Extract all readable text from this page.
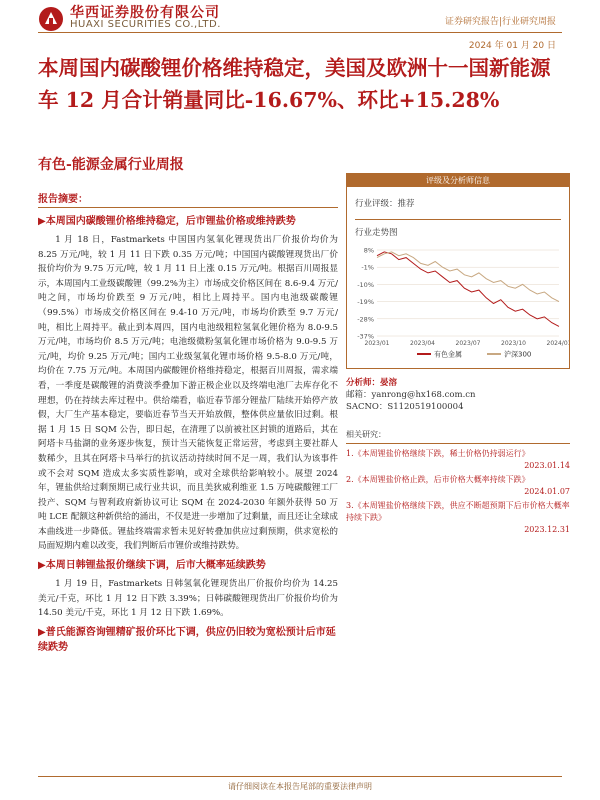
华西证券股份有限公司
HUAXI SECURITIES CO.,LTD.	证券研究报告|行业研究周报
2024 年 01 月 20 日
本周国内碳酸锂价格维持稳定，美国及欧洲十一国新能源车 12 月合计销量同比-16.67%、环比+15.28%
有色-能源金属行业周报
报告摘要：
▶本周国内碳酸锂价格维持稳定，后市锂盐价格或维持跌势

1 月 18 日，Fastmarkets 中国国内氢氧化锂现货出厂价报价均价为 8.25 万元/吨，较 1 月 11 日下跌 0.35 万元/吨；中国国内碳酸锂现货出厂价报价均价为 9.75 万元/吨，较 1 月 11 日上涨 0.15 万元/吨。根据百川周报显示，本周国内工业级碳酸锂（99.2%为主）市场成交价格区间在 8.6-9.4 万元/吨之间，市场均价跌至 9 万元/吨，相比上周持平。国内电池级碳酸锂（99.5%）市场成交价格区间在 9.4-10 万元/吨，市场均价跌至 9.7 万元/吨，相比上周持平。截止到本周四，国内电池级粗粒氢氧化锂价格为 8.0-9.5 万元/吨，市场均价 8.5 万元/吨；电池级微粉氢氧化锂市场价格为 9.0-9.5 万元/吨，均价 9.25 万元/吨；国内工业级氢氧化锂市场价格 9.5-8.0 万元/吨，均价在 7.75 万元/吨。本周国内碳酸锂价格维持稳定，根据百川周报，需求端看，一季度是碳酸锂的消费淡季叠加下游正极企业以及终端电池厂去库存化不理想，仍在持续去库过程中。供给端看，临近春节部分锂盐厂陆续开始停产放假，大厂生产基本稳定，要临近春节当天开始放假，整体供应量依旧过剩。根据 1 月 15 日 SQM 公告，即日起，在清理了以前被社区封锁的道路后，其在阿塔卡马盐湖的业务逐步恢复，预计当天能恢复正常运营，考虑到主要社群人数稀少，且其在阿塔卡马举行的抗议活动持续时间不足一周，我们认为该事件或不会对 SQM 造成太多实质性影响，或对全球供给影响较小。展望 2024 年，锂盐供给过剩预期已成行业共识，而且美狄威利维亚 1.5 万吨碳酸锂工厂投产、SQM 与智利政府新协议可让 SQM 在 2024-2030 年额外获得 50 万吨 LCE 配额这种新供给的涌出，不仅是进一步增加了过剩量，而且还让全球成本曲线进一步降低。锂盐终端需求暂未见好转叠加供应过剩预期，供求宽松的局面短期内难以改变，我们判断后市锂价或维持跌势。

▶本周日韩锂盐报价继续下调，后市大概率延续跌势

1 月 19 日，Fastmarkets 日韩氢氧化锂现货出厂价报价均价为 14.25 美元/千克，环比 1 月 12 日下跌 3.39%；日韩碳酸锂现货出厂价报价均价为 14.50 美元/千克，环比 1 月 12 日下跌 1.69%。

▶普氏能源咨询锂精矿报价环比下调，供应仍旧较为宽松预计后市延续跌势
评级及分析师信息
行业评级：推荐
行业走势图
8%
-1%
-10%
-19%
-28%
-37%
2023/01	2023/04	2023/07	2023/10	2024/01
有色金属	沪深300
分析师：晏溶
邮箱：yanrong@hx168.com.cn
SACNO：S1120519100004
相关研究：
1.《本周锂盐价格继续下跌，稀土价格仍持弱运行》
2023.01.14
2.《本周锂盐价格止跌，后市价格大概率持续下跌》
2024.01.07
3.《本周锂盐价格继续下跌，供应不断超预期下后市价格大概率持续下跌》
2023.12.31
请仔细阅读在本报告尾部的重要法律声明
